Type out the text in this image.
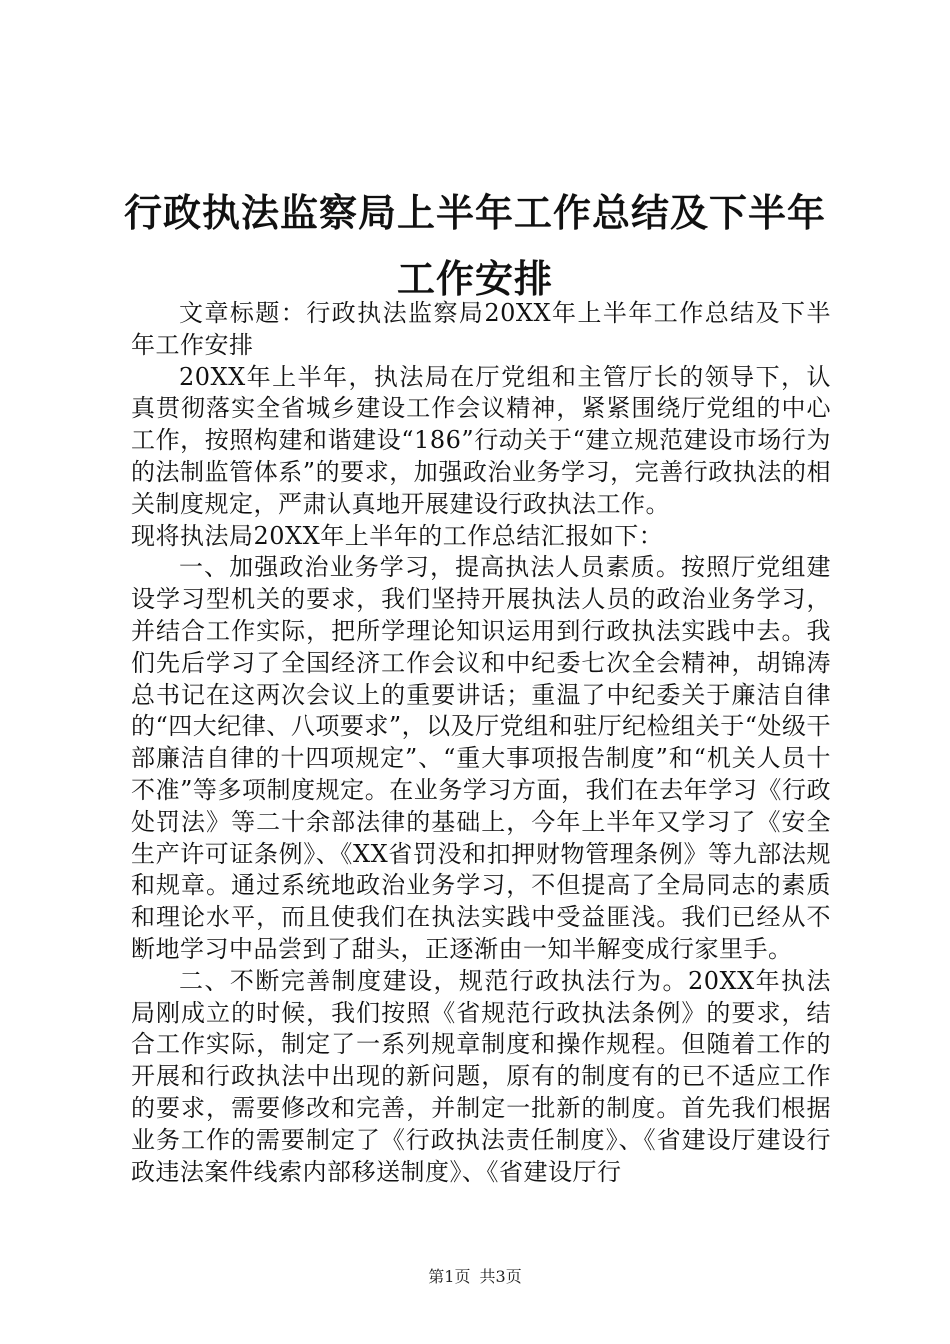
行政执法监察局上半年工作总结及下半年工作安排

文章标题：行政执法监察局20XX年上半年工作总结及下半年工作安排

20XX年上半年，执法局在厅党组和主管厅长的领导下，认真贯彻落实全省城乡建设工作会议精神，紧紧围绕厅党组的中心工作，按照构建和谐建设“186”行动关于“建立规范建设市场行为的法制监管体系”的要求，加强政治业务学习，完善行政执法的相关制度规定，严肃认真地开展建设行政执法工作。

现将执法局20XX年上半年的工作总结汇报如下：

一、加强政治业务学习，提高执法人员素质。按照厅党组建设学习型机关的要求，我们坚持开展执法人员的政治业务学习，并结合工作实际，把所学理论知识运用到行政执法实践中去。我们先后学习了全国经济工作会议和中纪委七次全会精神，胡锦涛总书记在这两次会议上的重要讲话；重温了中纪委关于廉洁自律的“四大纪律、八项要求”，以及厅党组和驻厅纪检组关于“处级干部廉洁自律的十四项规定”、“重大事项报告制度”和“机关人员十不准”等多项制度规定。在业务学习方面，我们在去年学习《行政处罚法》等二十余部法律的基础上，今年上半年又学习了《安全生产许可证条例》、《XX省罚没和扣押财物管理条例》等九部法规和规章。通过系统地政治业务学习，不但提高了全局同志的素质和理论水平，而且使我们在执法实践中受益匪浅。我们已经从不断地学习中品尝到了甜头，正逐渐由一知半解变成行家里手。

二、不断完善制度建设，规范行政执法行为。20XX年执法局刚成立的时候，我们按照《省规范行政执法条例》的要求，结合工作实际，制定了一系列规章制度和操作规程。但随着工作的开展和行政执法中出现的新问题，原有的制度有的已不适应工作的要求，需要修改和完善，并制定一批新的制度。首先我们根据业务工作的需要制定了《行政执法责任制度》、《省建设厅建设行政违法案件线索内部移送制度》、《省建设厅行

第1页 共3页
